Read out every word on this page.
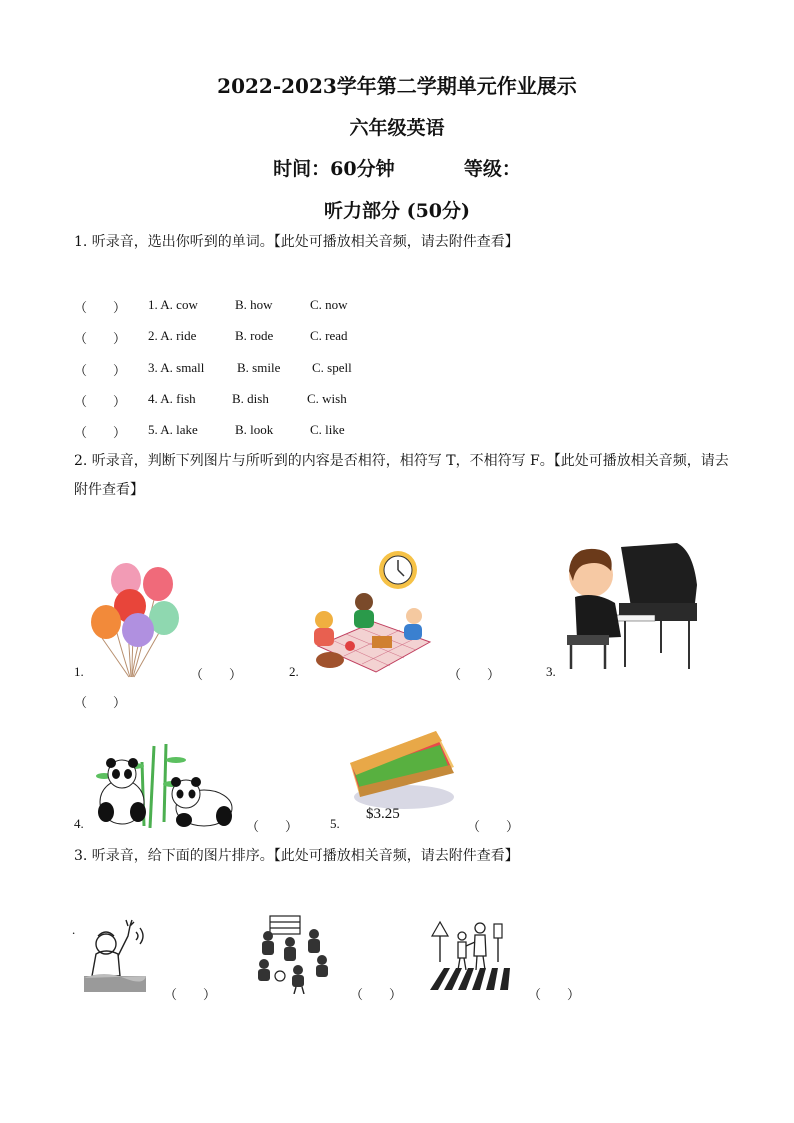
2022-2023学年第二学期单元作业展示
六年级英语
时间：60分钟	等级：
听力部分 (50分)
1. 听录音，选出你听到的单词。【此处可播放相关音频，请去附件查看】
（        ） 1. A. cow	B. how	C. now
（        ） 2. A. ride	B. rode	C. read
（        ） 3. A. small	B. smile C. spell
（        ） 4. A. fish	B. dish	C. wish
（        ） 5. A. lake	B. look	C. like
2. 听录音，判断下列图片与所听到的内容是否相符，相符写 T，不相符写 F。【此处可播放相关音频，请去
附件查看】
1.	（        ）	2.	（        ）	3.
（        ）
4.	（        ）
$3.25
5.	（        ）
3. 听录音，给下面的图片排序。【此处可播放相关音频，请去附件查看】
.
（        ）	（        ）	（        ）
